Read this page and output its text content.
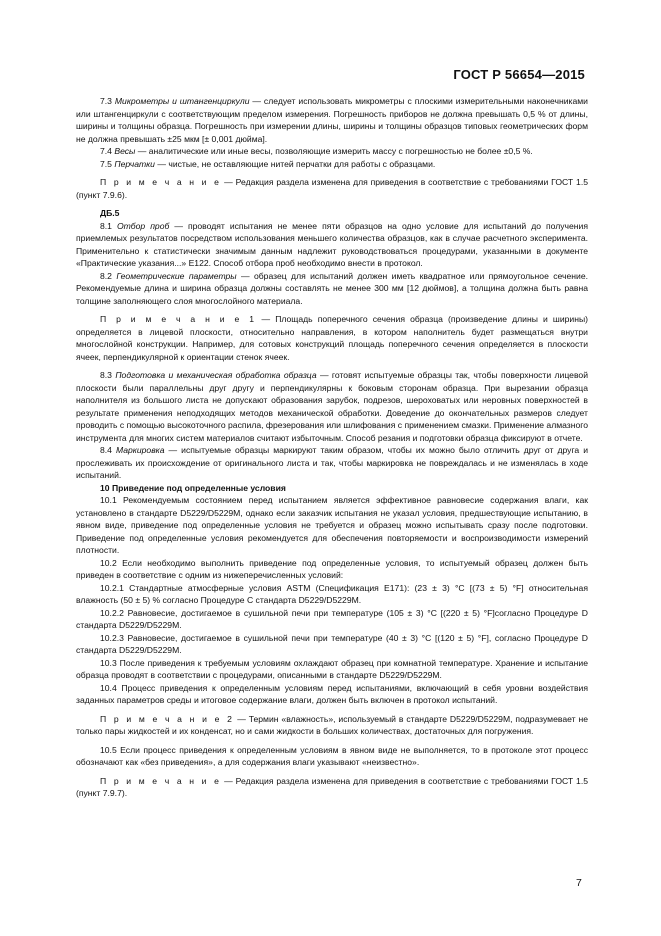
ГОСТ Р 56654—2015

7.3 Микрометры и штангенциркули — следует использовать микрометры с плоскими измерительными наконечниками или штангенциркули с соответствующим пределом измерения. Погрешность приборов не должна превышать 0,5 % от длины, ширины и толщины образца. Погрешность при измерении длины, ширины и толщины образцов типовых геометрических форм не должна превышать ±25 мкм [± 0,001 дюйма].

7.4 Весы — аналитические или иные весы, позволяющие измерить массу с погрешностью не более ±0,5 %.

7.5 Перчатки — чистые, не оставляющие нитей перчатки для работы с образцами.

П р и м е ч а н и е — Редакция раздела изменена для приведения в соответствие с требованиями ГОСТ 1.5 (пункт 7.9.6).

ДБ.5

8.1 Отбор проб — проводят испытания не менее пяти образцов на одно условие для испытаний до получения приемлемых результатов посредством использования меньшего количества образцов, как в случае расчетного эксперимента. Применительно к статистически значимым данным надлежит руководствоваться процедурами, указанными в документе «Практические указания...» Е122. Способ отбора проб необходимо внести в протокол.

8.2 Геометрические параметры — образец для испытаний должен иметь квадратное или прямоугольное сечение. Рекомендуемые длина и ширина образца должны составлять не менее 300 мм [12 дюймов], а толщина должна быть равна толщине заполняющего слоя многослойного материала.

П р и м е ч а н и е 1 — Площадь поперечного сечения образца (произведение длины и ширины) определяется в лицевой плоскости, относительно направления, в котором наполнитель будет размещаться внутри многослойной конструкции. Например, для сотовых конструкций площадь поперечного сечения определяется в плоскости ячеек, перпендикулярной к ориентации стенок ячеек.

8.3 Подготовка и механическая обработка образца — готовят испытуемые образцы так, чтобы поверхности лицевой плоскости были параллельны друг другу и перпендикулярны к боковым сторонам образца. При вырезании образца наполнителя из большого листа не допускают образования зарубок, подрезов, шероховатых или неровных поверхностей в результате применения неподходящих методов механической обработки. Доведение до окончательных размеров следует проводить с помощью высокоточного распила, фрезерования или шлифования с применением смазки. Применение алмазного инструмента для многих систем материалов считают избыточным. Способ резания и подготовки образца фиксируют в отчете.

8.4 Маркировка — испытуемые образцы маркируют таким образом, чтобы их можно было отличить друг от друга и прослеживать их происхождение от оригинального листа и так, чтобы маркировка не повреждалась и не изменялась в ходе испытаний.

10 Приведение под определенные условия

10.1 Рекомендуемым состоянием перед испытанием является эффективное равновесие содержания влаги, как установлено в стандарте D5229/D5229M, однако если заказчик испытания не указал условия, предшествующие испытанию, в явном виде, приведение под определенные условия не требуется и образец можно испытывать сразу после подготовки. Приведение под определенные условия рекомендуется для обеспечения повторяемости и воспроизводимости измерений плотности.

10.2 Если необходимо выполнить приведение под определенные условия, то испытуемый образец должен быть приведен в соответствие с одним из нижеперечисленных условий:

10.2.1 Стандартные атмосферные условия ASTM (Спецификация E171): (23 ± 3) °C [(73 ± 5) °F] относительная влажность (50 ± 5) % согласно Процедуре С стандарта D5229/D5229M.

10.2.2 Равновесие, достигаемое в сушильной печи при температуре (105 ± 3) °C [(220 ± 5) °F]согласно Процедуре D стандарта D5229/D5229M.

10.2.3 Равновесие, достигаемое в сушильной печи при температуре (40 ± 3) °C [(120 ± 5) °F], согласно Процедуре D стандарта D5229/D5229M.

10.3 После приведения к требуемым условиям охлаждают образец при комнатной температуре. Хранение и испытание образца проводят в соответствии с процедурами, описанными в стандарте D5229/D5229M.

10.4 Процесс приведения к определенным условиям перед испытаниями, включающий в себя уровни воздействия заданных параметров среды и итоговое содержание влаги, должен быть включен в протокол испытаний.

П р и м е ч а н и е 2 — Термин «влажность», используемый в стандарте D5229/D5229M, подразумевает не только пары жидкостей и их конденсат, но и сами жидкости в больших количествах, достаточных для погружения.

10.5 Если процесс приведения к определенным условиям в явном виде не выполняется, то в протоколе этот процесс обозначают как «без приведения», а для содержания влаги указывают «неизвестно».

П р и м е ч а н и е — Редакция раздела изменена для приведения в соответствие с требованиями ГОСТ 1.5 (пункт 7.9.7).

7
